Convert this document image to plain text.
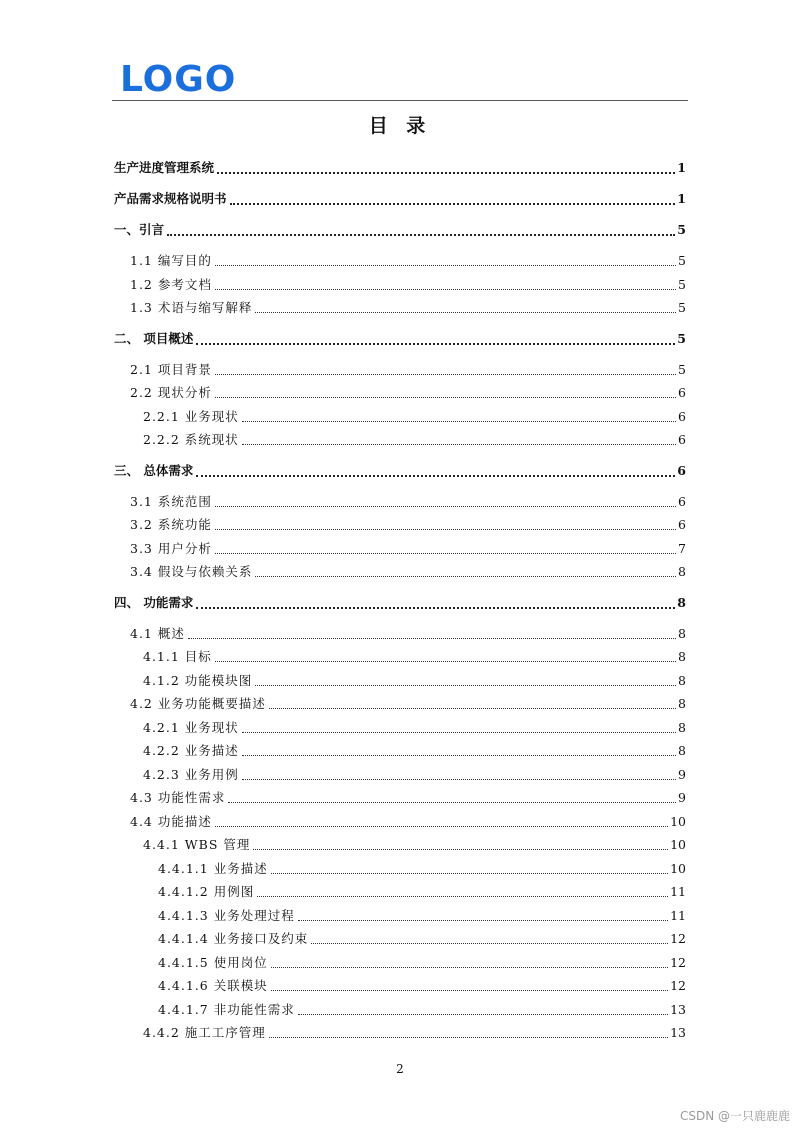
LOGO
目 录
生产进度管理系统	1
产品需求规格说明书	1
一、引言	5
1.1 编写目的	5
1.2 参考文档	5
1.3 术语与缩写解释	5
二、 项目概述	5
2.1 项目背景	5
2.2 现状分析	6
2.2.1 业务现状	6
2.2.2 系统现状	6
三、 总体需求	6
3.1 系统范围	6
3.2 系统功能	6
3.3 用户分析	7
3.4 假设与依赖关系	8
四、 功能需求	8
4.1 概述	8
4.1.1 目标	8
4.1.2 功能模块图	8
4.2 业务功能概要描述	8
4.2.1 业务现状	8
4.2.2 业务描述	8
4.2.3 业务用例	9
4.3 功能性需求	9
4.4 功能描述	10
4.4.1 WBS 管理	10
4.4.1.1 业务描述	10
4.4.1.2 用例图	11
4.4.1.3 业务处理过程	11
4.4.1.4 业务接口及约束	12
4.4.1.5 使用岗位	12
4.4.1.6 关联模块	12
4.4.1.7 非功能性需求	13
4.4.2 施工工序管理	13
2
CSDN @一只鹿鹿鹿
